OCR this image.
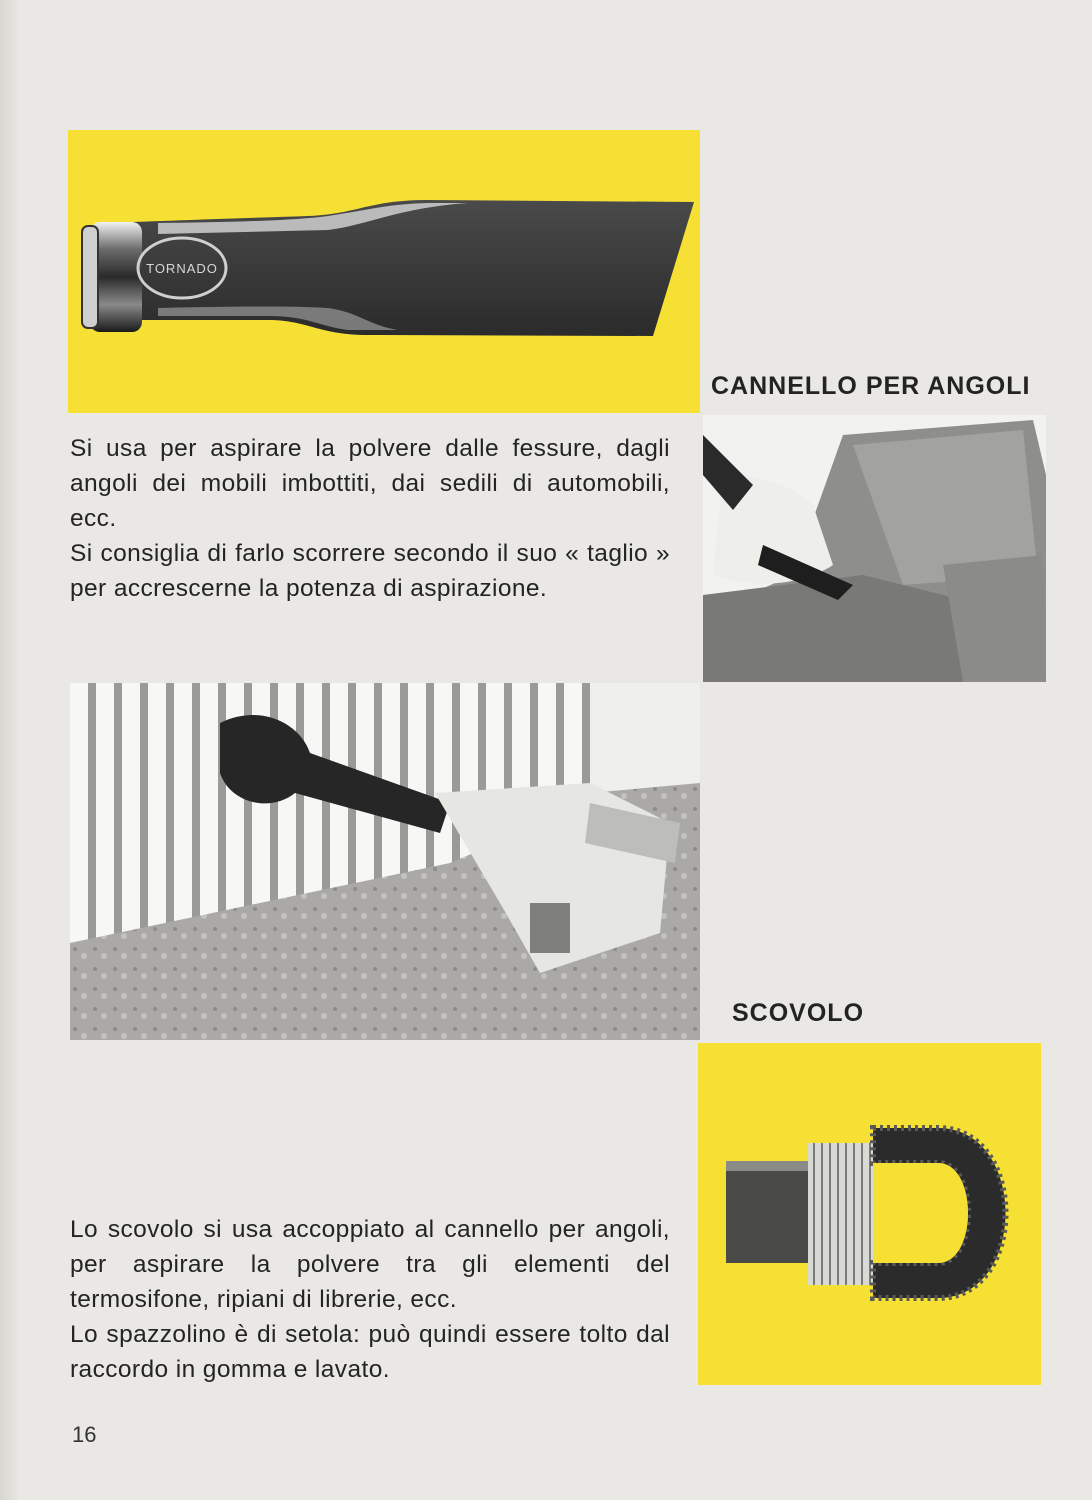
TORNADO
CANNELLO PER ANGOLI

Si usa per aspirare la polvere dalle fessure, dagli angoli dei mobili imbottiti, dai sedili di automobili, ecc.

Si consiglia di farlo scorrere secondo il suo « taglio » per accrescerne la potenza di aspirazione.

SCOVOLO

Lo scovolo si usa accoppiato al cannello per angoli, per aspirare la polvere tra gli elementi del termosifone, ripiani di librerie, ecc.

Lo spazzolino è di setola: può quindi essere tolto dal raccordo in gomma e lavato.

16
